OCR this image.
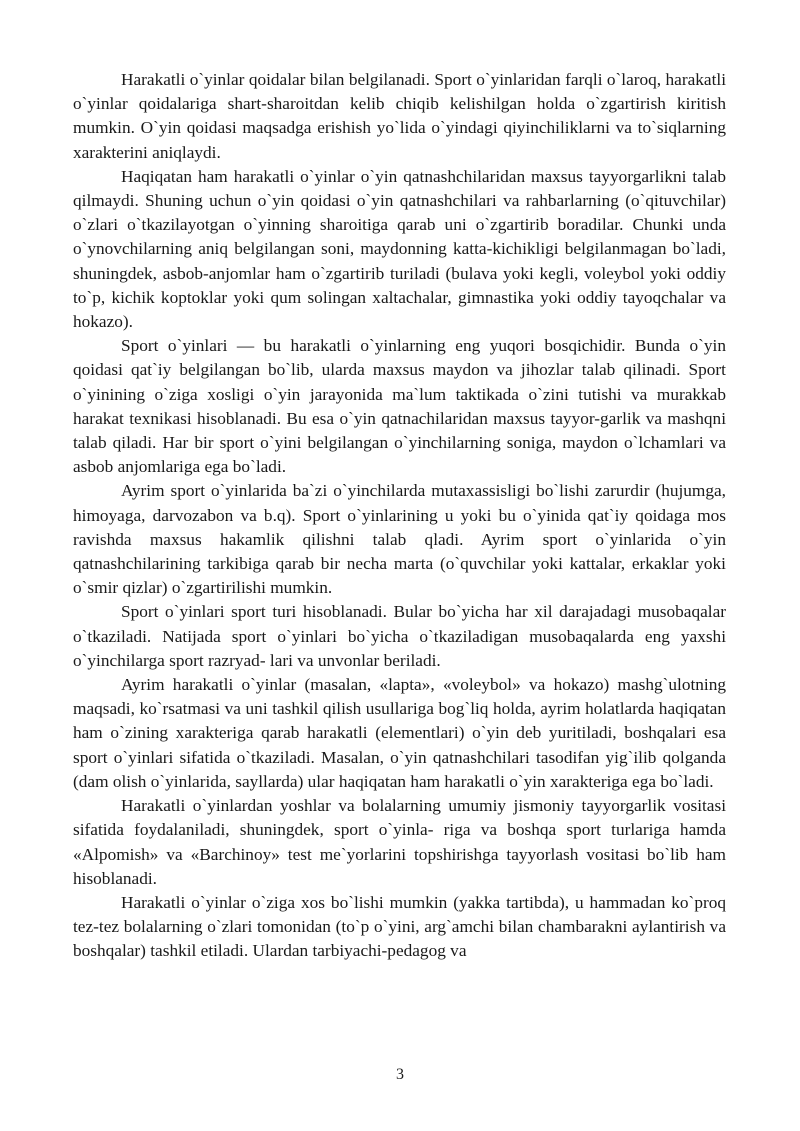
Harakatli o`yinlar qoidalar bilan belgilanadi. Sport o`yinlaridan farqli o`laroq, harakatli o`yinlar qoidalariga shart-sharoitdan kelib chiqib kelishilgan holda o`zgartirish kiritish mumkin. O`yin qoidasi maqsadga erishish yo`lida o`yindagi qiyinchiliklarni va to`siqlarning xarakterini aniqlaydi.

Haqiqatan ham harakatli o`yinlar o`yin qatnashchilaridan maxsus tayyorgarlikni talab qilmaydi. Shuning uchun o`yin qoidasi o`yin qatnashchilari va rahbarlarning (o`qituvchilar) o`zlari o`tkazilayotgan o`yinning sharoitiga qarab uni o`zgartirib boradilar. Chunki unda o`ynovchilarning aniq belgilangan soni, maydonning katta-kichikligi belgilanmagan bo`ladi, shuningdek, asbob-anjomlar ham o`zgartirib turiladi (bulava yoki kegli, voleybol yoki oddiy to`p, kichik koptoklar yoki qum solingan xaltachalar, gimnastika yoki oddiy tayoqchalar va hokazo).

Sport o`yinlari — bu harakatli o`yinlarning eng yuqori bosqichidir. Bunda o`yin qoidasi qat`iy belgilangan bo`lib, ularda maxsus maydon va jihozlar talab qilinadi. Sport o`yinining o`ziga xosligi o`yin jarayonida ma`lum taktikada o`zini tutishi va murakkab harakat texnikasi hisoblanadi. Bu esa o`yin qatnachilaridan maxsus tayyor-garlik va mashqni talab qiladi. Har bir sport o`yini belgilangan o`yinchilarning soniga, maydon o`lchamlari va asbob anjomlariga ega bo`ladi.

Ayrim sport o`yinlarida ba`zi o`yinchilarda mutaxassisligi bo`lishi zarurdir (hujumga, himoyaga, darvozabon va b.q). Sport o`yinlarining u yoki bu o`yinida qat`iy qoidaga mos ravishda maxsus hakamlik qilishni talab qladi. Ayrim sport o`yinlarida o`yin qatnashchilarining tarkibiga qarab bir necha marta (o`quvchilar yoki kattalar, erkaklar yoki o`smir qizlar) o`zgartirilishi mumkin.

Sport o`yinlari sport turi hisoblanadi. Bular bo`yicha har xil darajadagi musobaqalar o`tkaziladi. Natijada sport o`yinlari bo`yicha o`tkaziladigan musobaqalarda eng yaxshi o`yinchilarga sport razryad- lari va unvonlar beriladi.

Ayrim harakatli o`yinlar (masalan, «lapta», «voleybol» va hokazo) mashg`ulotning maqsadi, ko`rsatmasi va uni tashkil qilish usullariga bog`liq holda, ayrim holatlarda haqiqatan ham o`zining xarakteriga qarab harakatli (elementlari) o`yin deb yuritiladi, boshqalari esa sport o`yinlari sifatida o`tkaziladi. Masalan, o`yin qatnashchilari tasodifan yig`ilib qolganda (dam olish o`yinlarida, sayllarda) ular haqiqatan ham harakatli o`yin xarakteriga ega bo`ladi.

Harakatli o`yinlardan yoshlar va bolalarning umumiy jismoniy tayyorgarlik vositasi sifatida foydalaniladi, shuningdek, sport o`yinla- riga va boshqa sport turlariga hamda «Alpomish» va «Barchinoy» test me`yorlarini topshirishga tayyorlash vositasi bo`lib ham hisoblanadi.

Harakatli o`yinlar o`ziga xos bo`lishi mumkin (yakka tartibda), u hammadan ko`proq tez-tez bolalarning o`zlari tomonidan (to`p o`yini, arg`amchi bilan chambarakni aylantirish va boshqalar) tashkil etiladi. Ulardan tarbiyachi-pedagog va

3
